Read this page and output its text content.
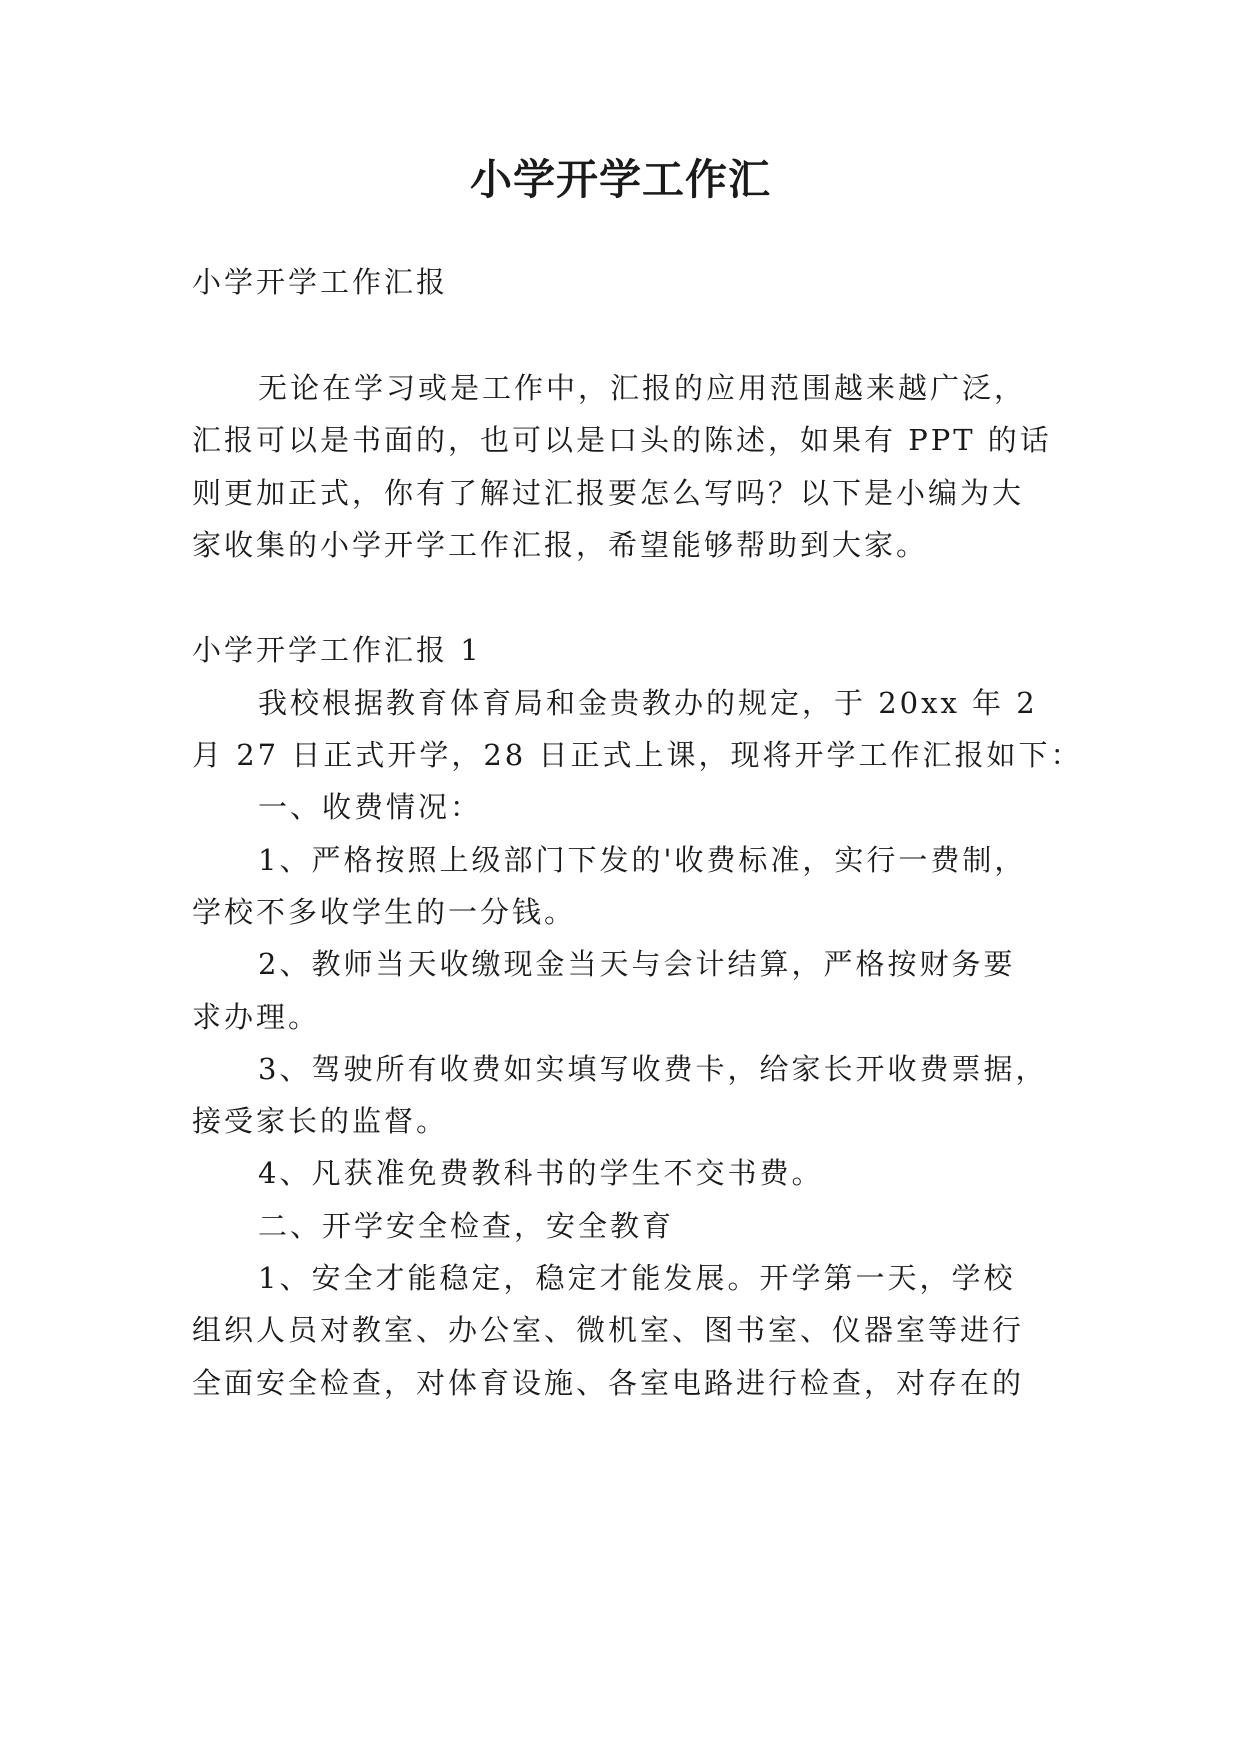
小学开学工作汇
小学开学工作汇报
无论在学习或是工作中，汇报的应用范围越来越广泛，
汇报可以是书面的，也可以是口头的陈述，如果有 PPT 的话
则更加正式，你有了解过汇报要怎么写吗？以下是小编为大
家收集的小学开学工作汇报，希望能够帮助到大家。
小学开学工作汇报 1
我校根据教育体育局和金贵教办的规定，于 20xx 年 2
月 27 日正式开学，28 日正式上课，现将开学工作汇报如下：
一、收费情况：
1、严格按照上级部门下发的'收费标准，实行一费制，
学校不多收学生的一分钱。
2、教师当天收缴现金当天与会计结算，严格按财务要
求办理。
3、驾驶所有收费如实填写收费卡，给家长开收费票据，
接受家长的监督。
4、凡获准免费教科书的学生不交书费。
二、开学安全检查，安全教育
1、安全才能稳定，稳定才能发展。开学第一天，学校
组织人员对教室、办公室、微机室、图书室、仪器室等进行
全面安全检查，对体育设施、各室电路进行检查，对存在的
